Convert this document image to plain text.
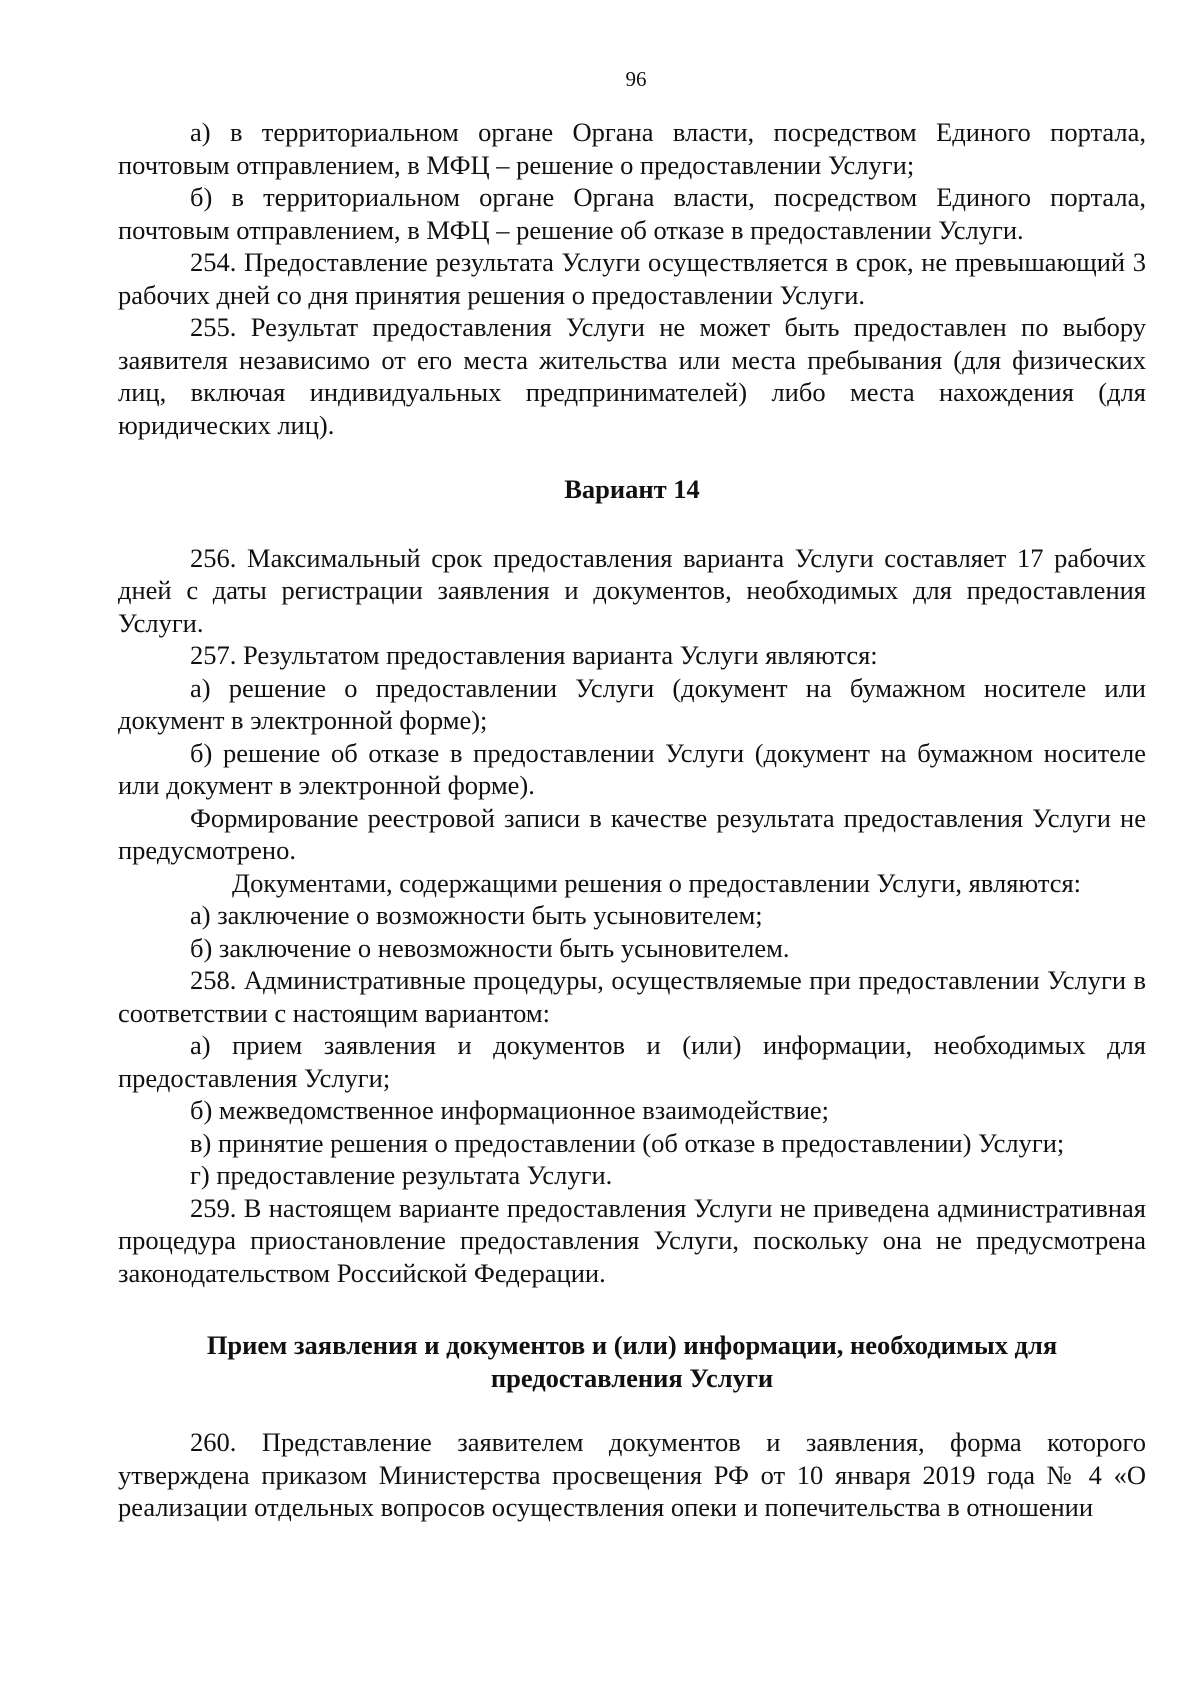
96

а) в территориальном органе Органа власти, посредством Единого портала, почтовым отправлением, в МФЦ – решение о предоставлении Услуги;

б) в территориальном органе Органа власти, посредством Единого портала, почтовым отправлением, в МФЦ – решение об отказе в предоставлении Услуги.

254. Предоставление результата Услуги осуществляется в срок, не превышающий 3 рабочих дней со дня принятия решения о предоставлении Услуги.

255. Результат предоставления Услуги не может быть предоставлен по выбору заявителя независимо от его места жительства или места пребывания (для физических лиц, включая индивидуальных предпринимателей) либо места нахождения (для юридических лиц).

Вариант 14

256. Максимальный срок предоставления варианта Услуги составляет 17 рабочих дней с даты регистрации заявления и документов, необходимых для предоставления Услуги.

257. Результатом предоставления варианта Услуги являются:

а) решение о предоставлении Услуги (документ на бумажном носителе или документ в электронной форме);

б) решение об отказе в предоставлении Услуги (документ на бумажном носителе или документ в электронной форме).

Формирование реестровой записи в качестве результата предоставления Услуги не предусмотрено.

Документами, содержащими решения о предоставлении Услуги, являются:

а) заключение о возможности быть усыновителем;

б) заключение о невозможности быть усыновителем.

258. Административные процедуры, осуществляемые при предоставлении Услуги в соответствии с настоящим вариантом:

а) прием заявления и документов и (или) информации, необходимых для предоставления Услуги;

б) межведомственное информационное взаимодействие;

в) принятие решения о предоставлении (об отказе в предоставлении) Услуги;

г) предоставление результата Услуги.

259. В настоящем варианте предоставления Услуги не приведена административная процедура приостановление предоставления Услуги, поскольку она не предусмотрена законодательством Российской Федерации.

Прием заявления и документов и (или) информации, необходимых для предоставления Услуги

260. Представление заявителем документов и заявления, форма которого утверждена приказом Министерства просвещения РФ от 10 января 2019 года № 4 «О реализации отдельных вопросов осуществления опеки и попечительства в отношении
